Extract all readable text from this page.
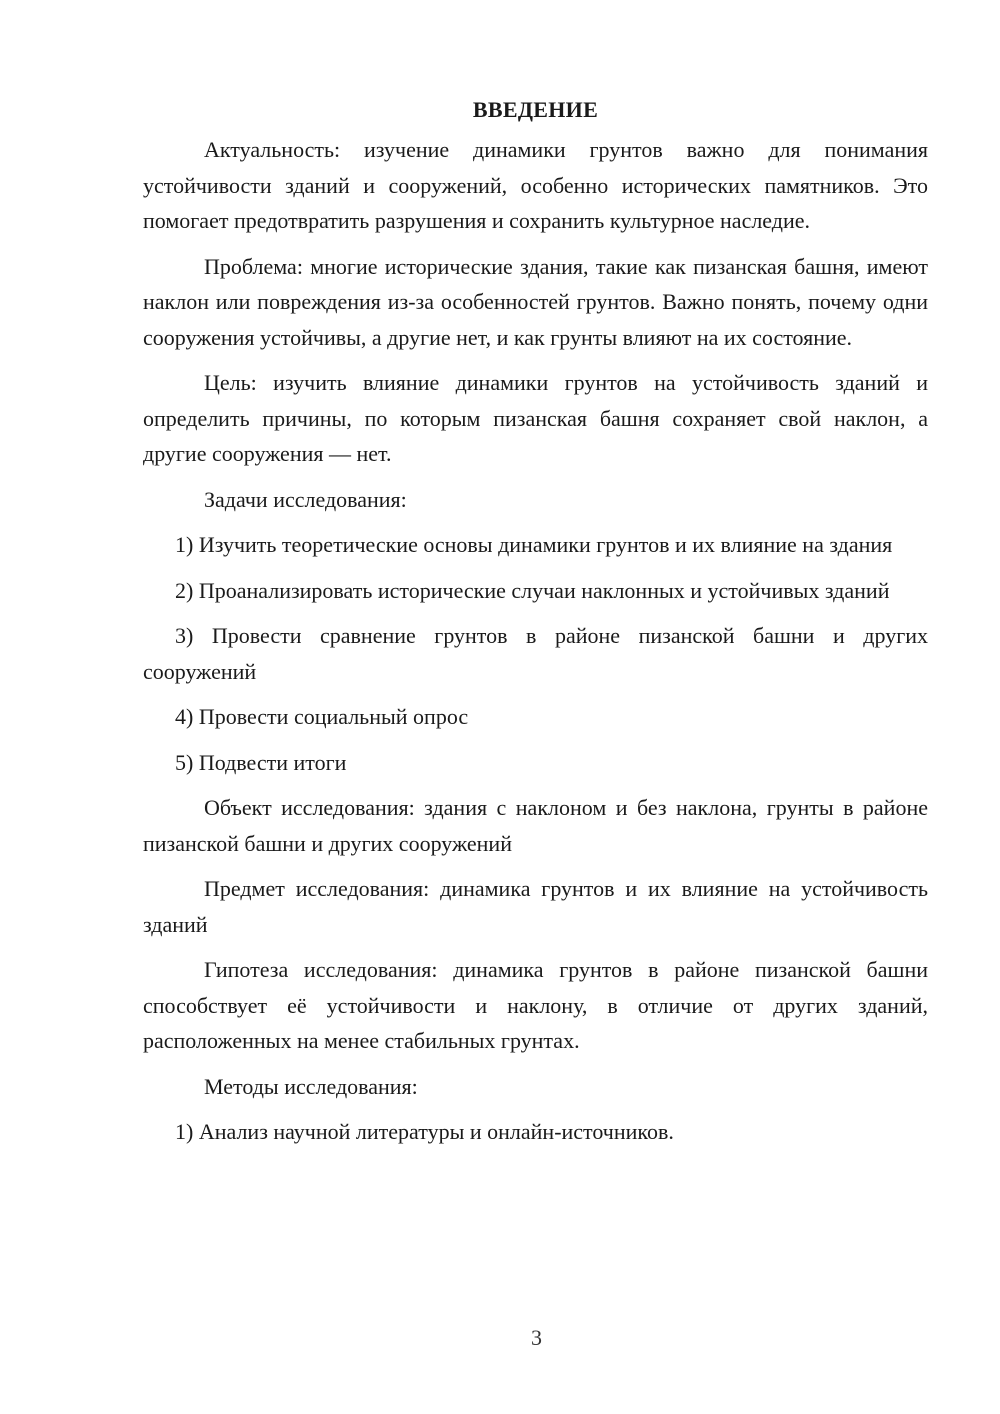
ВВЕДЕНИЕ

Актуальность: изучение динамики грунтов важно для понимания устойчивости зданий и сооружений, особенно исторических памятников. Это помогает предотвратить разрушения и сохранить культурное наследие.

Проблема: многие исторические здания, такие как пизанская башня, имеют наклон или повреждения из-за особенностей грунтов. Важно понять, почему одни сооружения устойчивы, а другие нет, и как грунты влияют на их состояние.

Цель: изучить влияние динамики грунтов на устойчивость зданий и определить причины, по которым пизанская башня сохраняет свой наклон, а другие сооружения — нет.

Задачи исследования:

1) Изучить теоретические основы динамики грунтов и их влияние на здания

2) Проанализировать исторические случаи наклонных и устойчивых зданий

3) Провести сравнение грунтов в районе пизанской башни и других сооружений

4) Провести социальный опрос

5) Подвести итоги

Объект исследования: здания с наклоном и без наклона, грунты в районе пизанской башни и других сооружений

Предмет исследования: динамика грунтов и их влияние на устойчивость зданий

Гипотеза исследования: динамика грунтов в районе пизанской башни способствует её устойчивости и наклону, в отличие от других зданий, расположенных на менее стабильных грунтах.

Методы исследования:

1) Анализ научной литературы и онлайн-источников.

3
